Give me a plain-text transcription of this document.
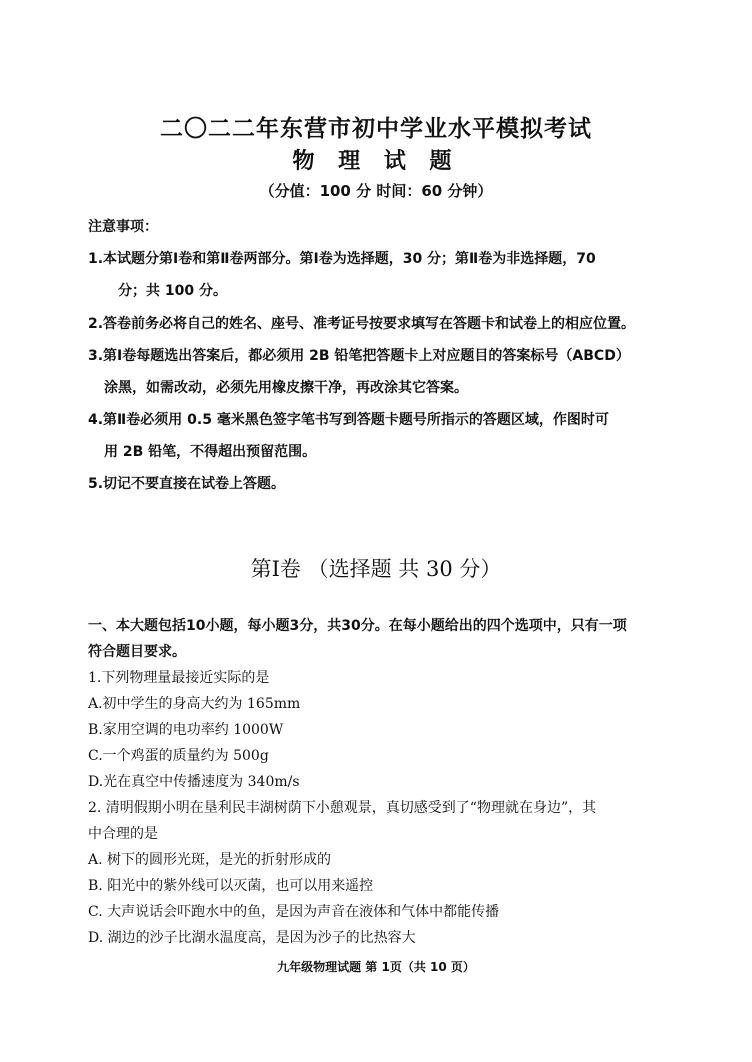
二〇二二年东营市初中学业水平模拟考试
物 理 试 题
（分值：100 分 时间：60 分钟）
注意事项：
1.本试题分第Ⅰ卷和第Ⅱ卷两部分。第Ⅰ卷为选择题，30 分；第Ⅱ卷为非选择题，70
分；共 100 分。
2.答卷前务必将自己的姓名、座号、准考证号按要求填写在答题卡和试卷上的相应位置。
3.第Ⅰ卷每题选出答案后，都必须用 2B 铅笔把答题卡上对应题目的答案标号（ABCD）
涂黑，如需改动，必须先用橡皮擦干净，再改涂其它答案。
4.第Ⅱ卷必须用 0.5 毫米黑色签字笔书写到答题卡题号所指示的答题区域，作图时可
用 2B 铅笔，不得超出预留范围。
5.切记不要直接在试卷上答题。
第Ⅰ卷 （选择题 共 30 分）
一、本大题包括10小题，每小题3分，共30分。在每小题给出的四个选项中，只有一项
符合题目要求。
1.下列物理量最接近实际的是
A.初中学生的身高大约为 165mm
B.家用空调的电功率约 1000W
C.一个鸡蛋的质量约为 500g
D.光在真空中传播速度为 340m/s
2. 清明假期小明在垦利民丰湖树荫下小憩观景，真切感受到了“物理就在身边”，其
中合理的是
A. 树下的圆形光斑，是光的折射形成的
B. 阳光中的紫外线可以灭菌，也可以用来遥控
C. 大声说话会吓跑水中的鱼，是因为声音在液体和气体中都能传播
D. 湖边的沙子比湖水温度高，是因为沙子的比热容大
九年级物理试题 第 1页（共 10 页）
